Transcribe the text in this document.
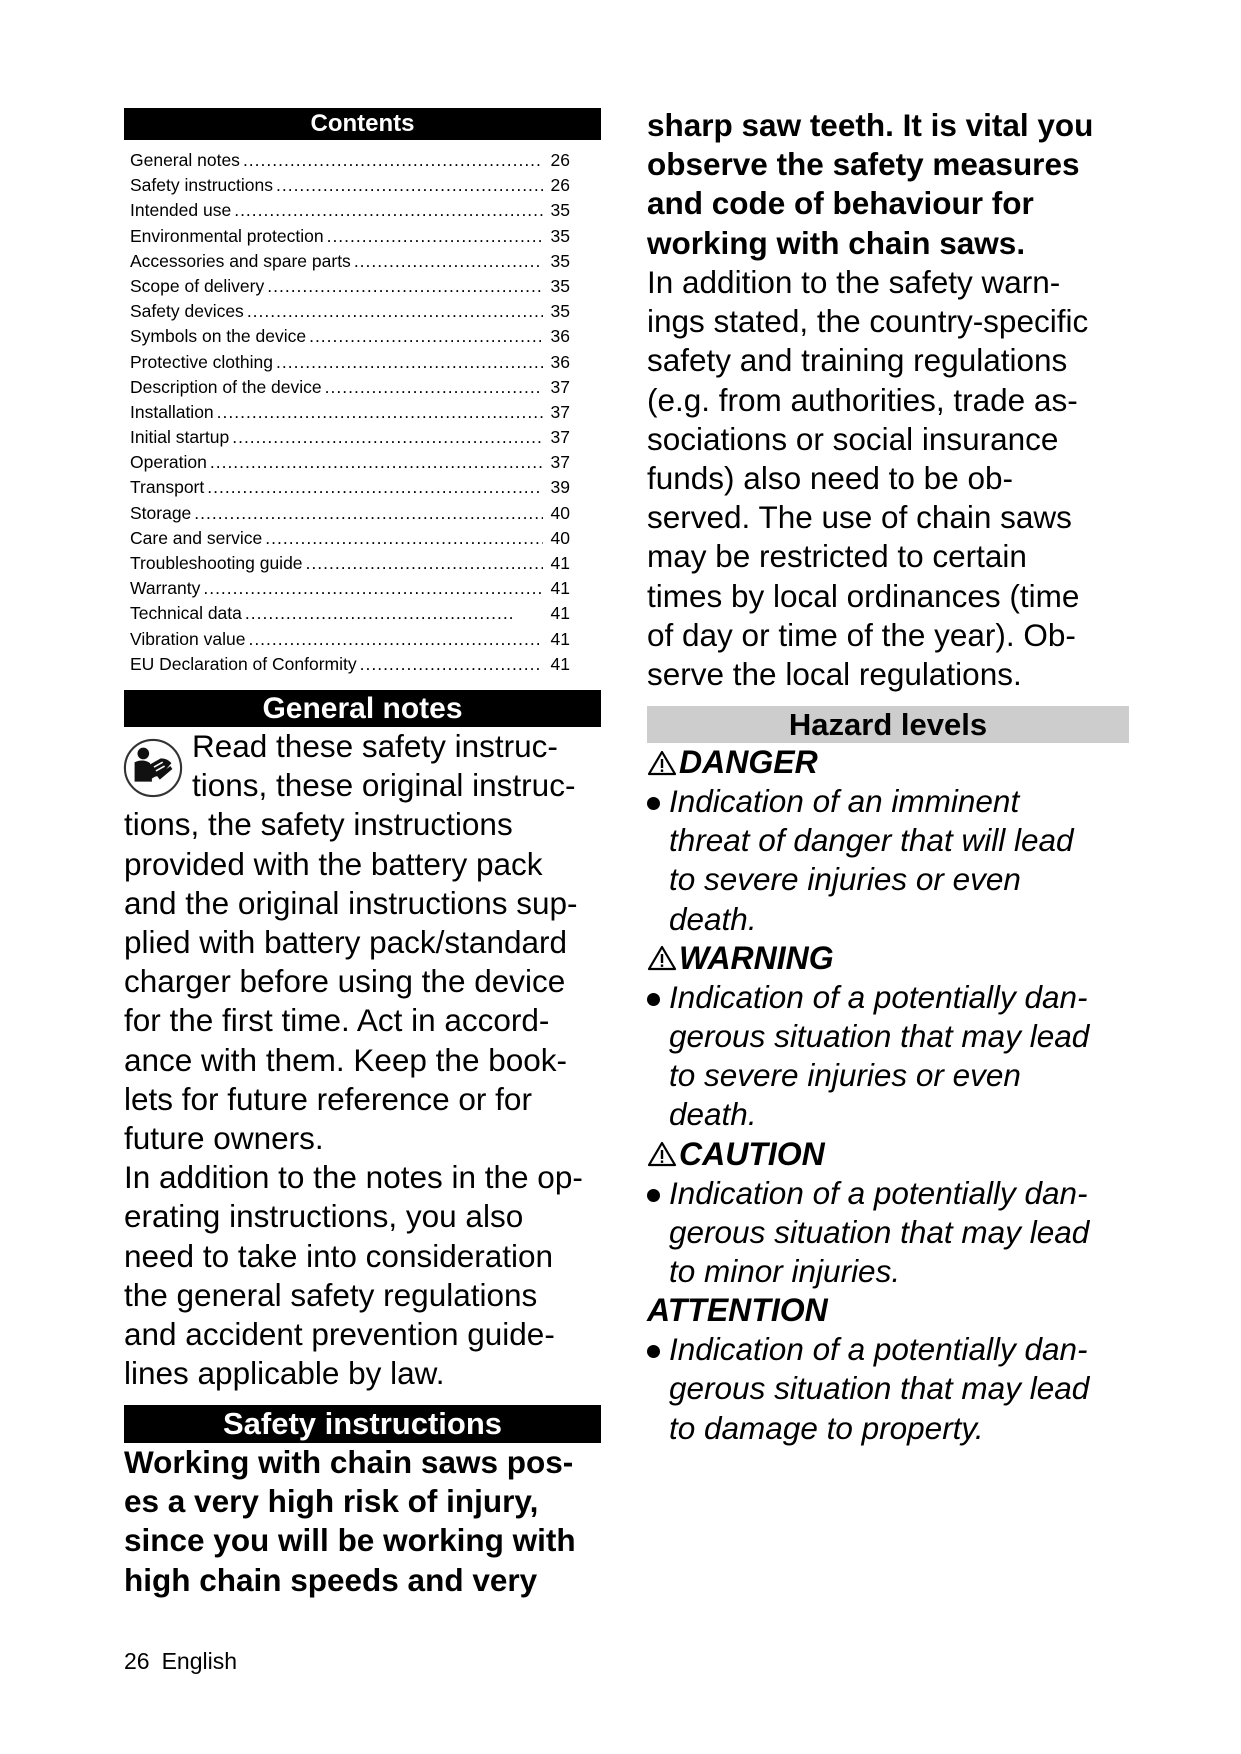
Contents
General notes .....	26
Safety instructions .....	26
Intended use .....	35
Environmental protection .....	35
Accessories and spare parts .....	35
Scope of delivery .....	35
Safety devices .....	35
Symbols on the device .....	36
Protective clothing .....	36
Description of the device .....	37
Installation .....	37
Initial startup .....	37
Operation .....	37
Transport .....	39
Storage .....	40
Care and service .....	40
Troubleshooting guide .....	41
Warranty .....	41
Technical data .....	41
Vibration value .....	41
EU Declaration of Conformity .....	41
General notes
Read these safety instruc-
tions, these original instruc-
tions, the safety instructions
provided with the battery pack
and the original instructions sup-
plied with battery pack/standard
charger before using the device
for the first time. Act in accord-
ance with them. Keep the book-
lets for future reference or for
future owners.
In addition to the notes in the op-
erating instructions, you also
need to take into consideration
the general safety regulations
and accident prevention guide-
lines applicable by law.
Safety instructions
Working with chain saws pos-
es a very high risk of injury,
since you will be working with
high chain speeds and very
sharp saw teeth. It is vital you
observe the safety measures
and code of behaviour for
working with chain saws.
In addition to the safety warn-
ings stated, the country-specific
safety and training regulations
(e.g. from authorities, trade as-
sociations or social insurance
funds) also need to be ob-
served. The use of chain saws
may be restricted to certain
times by local ordinances (time
of day or time of the year). Ob-
serve the local regulations.
Hazard levels
DANGER
Indication of an imminent
threat of danger that will lead
to severe injuries or even
death.
WARNING
Indication of a potentially dan-
gerous situation that may lead
to severe injuries or even
death.
CAUTION
Indication of a potentially dan-
gerous situation that may lead
to minor injuries.
ATTENTION
Indication of a potentially dan-
gerous situation that may lead
to damage to property.
26 English
